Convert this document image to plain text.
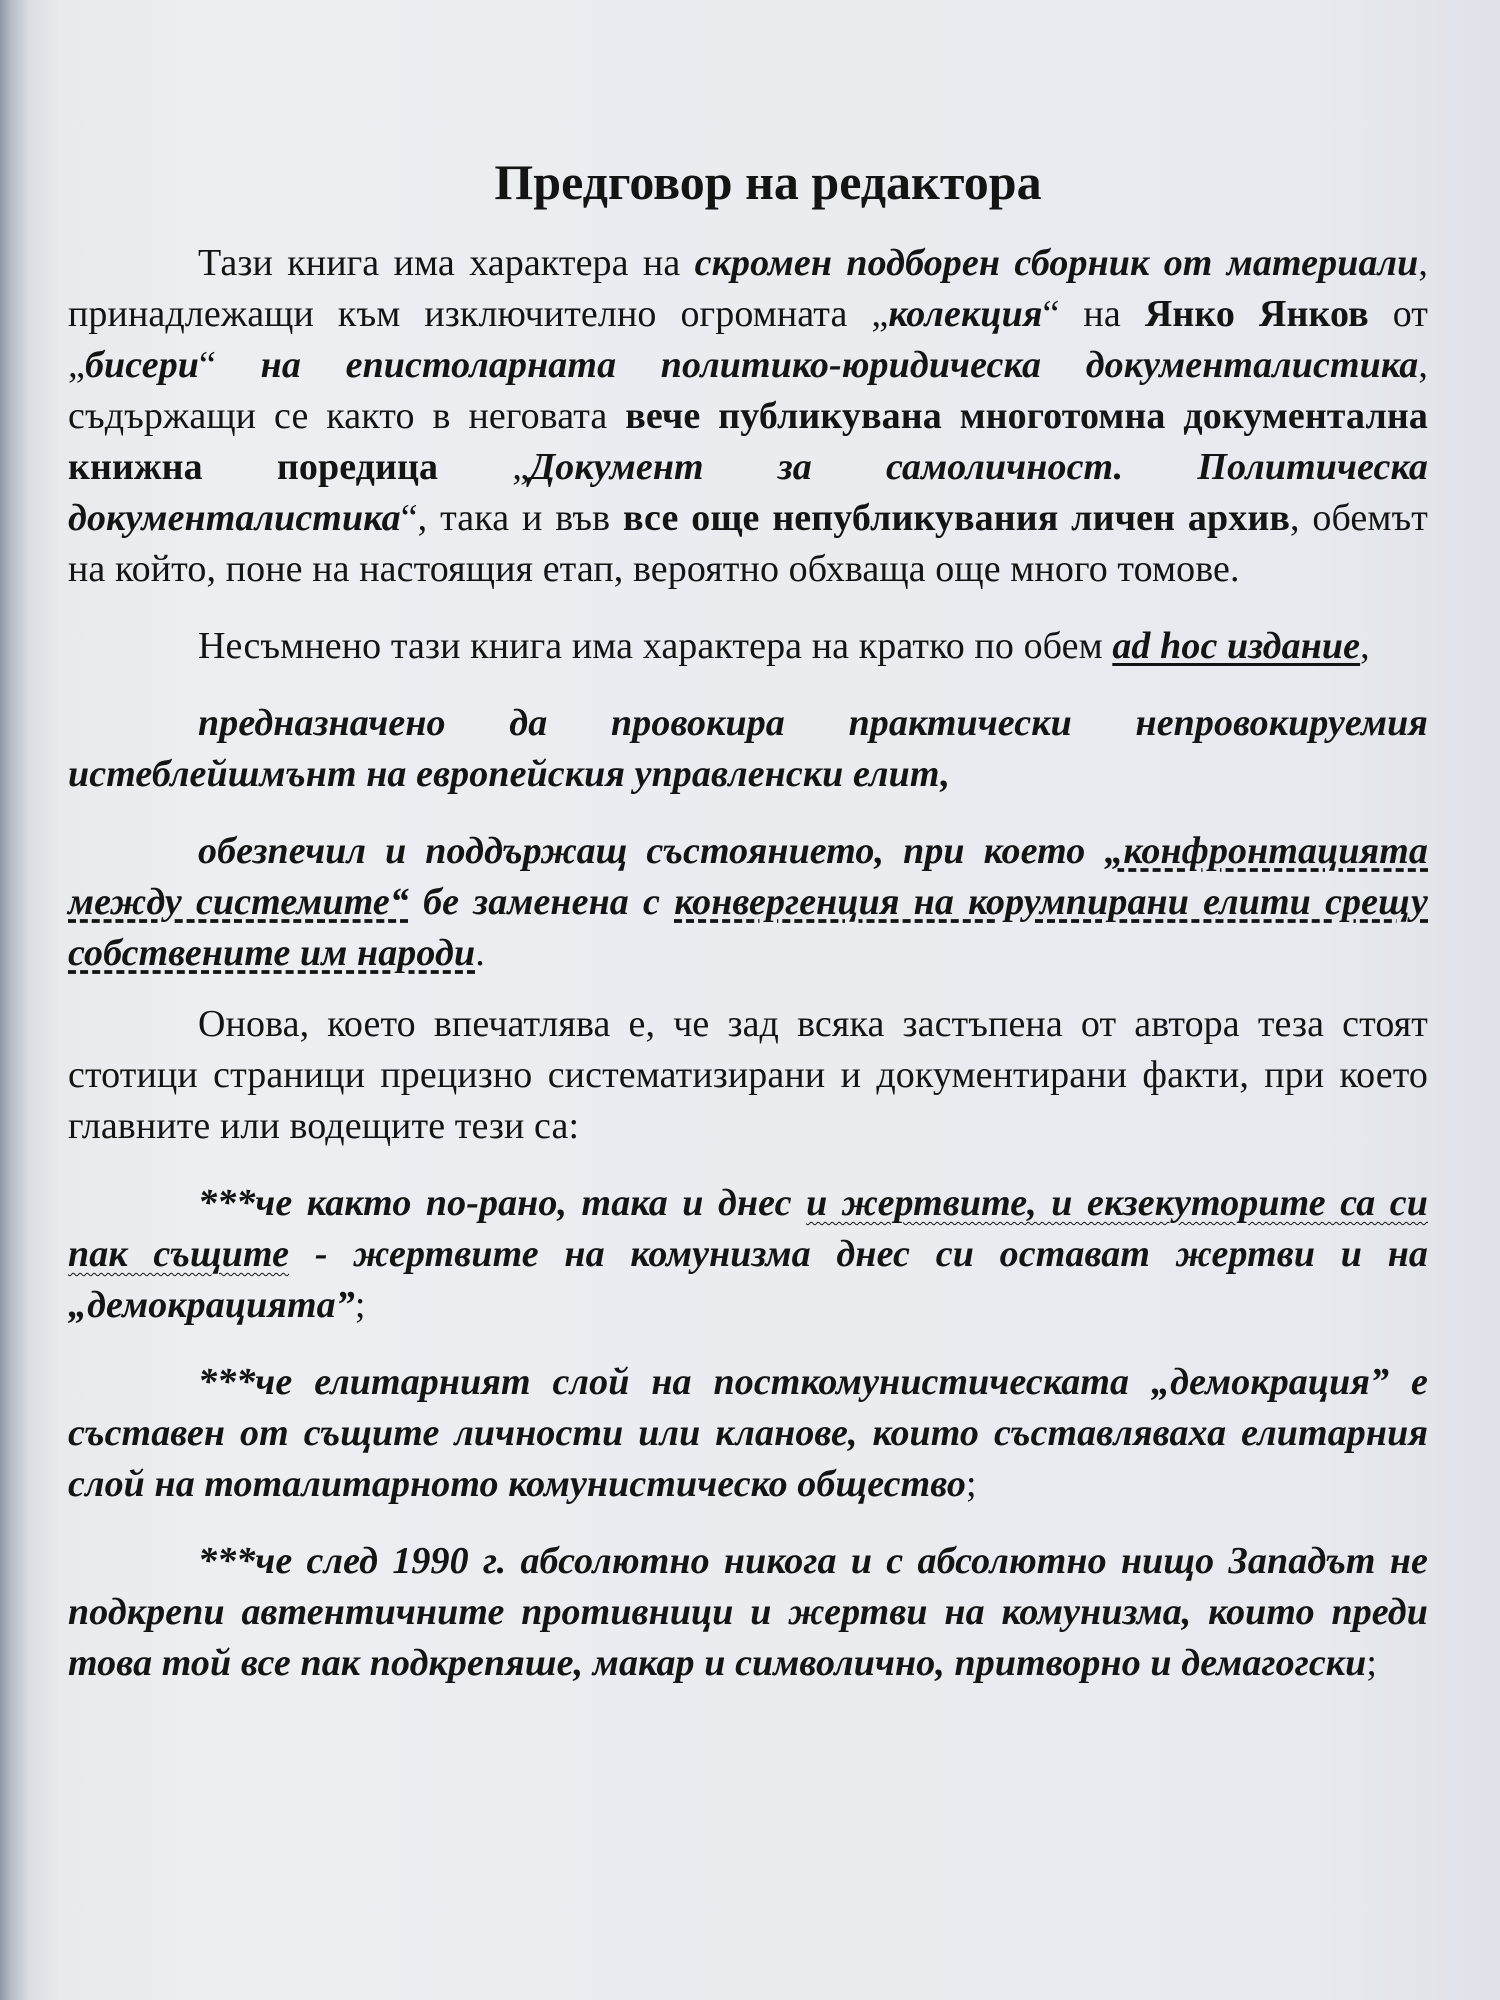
Предговор на редактора

Тази книга има характера на скромен подборен сборник от материали, принадлежащи към изключително огромната „колекция“ на Янко Янков от „бисери“ на епистоларната политико-юридическа документалистика, съдържащи се както в неговата вече публикувана многотомна документална книжна поредица „Документ за самоличност. Политическа документалистика“, така и във все още непубликувания личен архив, обемът на който, поне на настоящия етап, вероятно обхваща още много томове.

Несъмнено тази книга има характера на кратко по обем ad hoc издание,

предназначено да провокира практически непровокируемия истеблейшмънт на европейския управленски елит,

обезпечил и поддържащ състоянието, при което „конфронтацията между системите“ бе заменена с конвергенция на корумпирани елити срещу собствените им народи.

Онова, което впечатлява е, че зад всяка застъпена от автора теза стоят стотици страници прецизно систематизирани и документирани факти, при което главните или водещите тези са:

***че както по-рано, така и днес и жертвите, и екзекуторите са си пак същите - жертвите на комунизма днес си остават жертви и на „демокрацията”;

***че елитарният слой на посткомунистическата „демокрация” е съставен от същите личности или кланове, които съставляваха елитарния слой на тоталитарното комунистическо общество;

***че след 1990 г. абсолютно никога и с абсолютно нищо Западът не подкрепи автентичните противници и жертви на комунизма, които преди това той все пак подкрепяше, макар и символично, притворно и демагогски;
